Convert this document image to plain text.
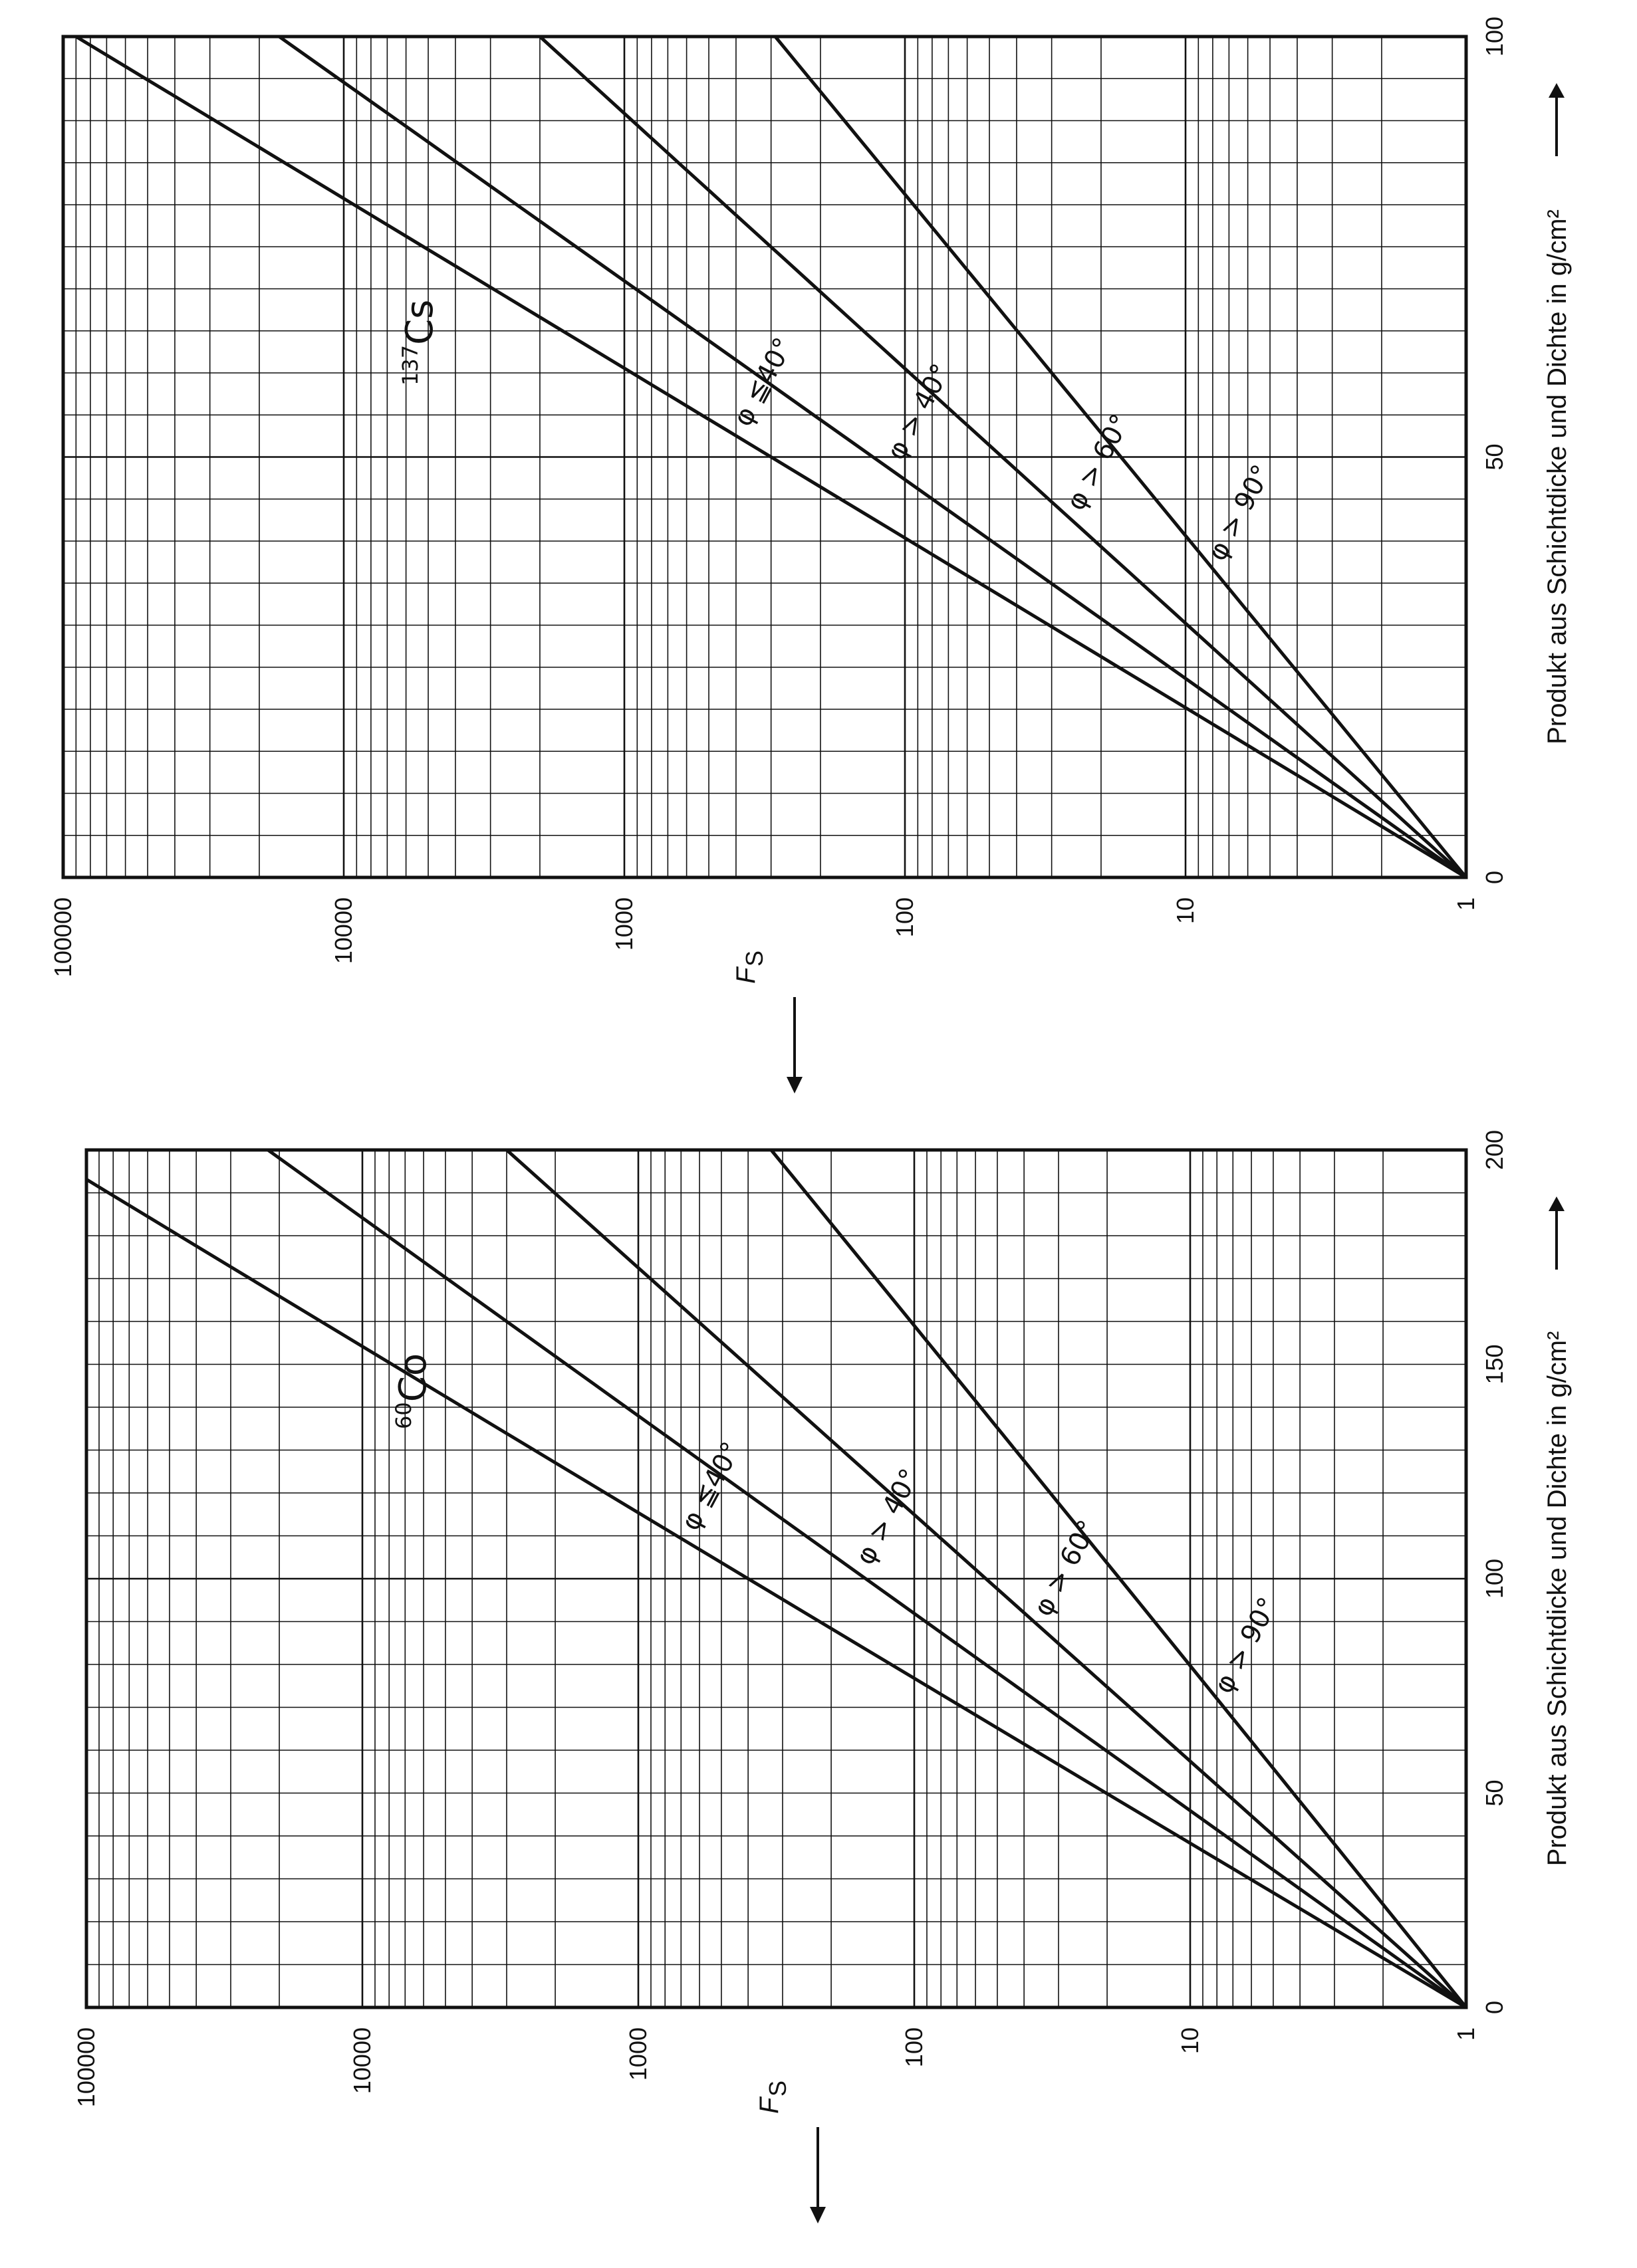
φ ≦40°	φ > 40°	φ > 60° φ > 90°
0
50
100
1
10
100
1000
10000
100000
Produkt aus Schichtdicke und Dichte in g/cm²
F
S
$^{137}$Cs
φ ≦40°	φ > 40°	φ > 60°
φ > 90°
0
50
100
150
200
1
10
100
1000
10000
100000
Produkt aus Schichtdicke und Dichte in g/cm²
F
S
$^{60}$Co
